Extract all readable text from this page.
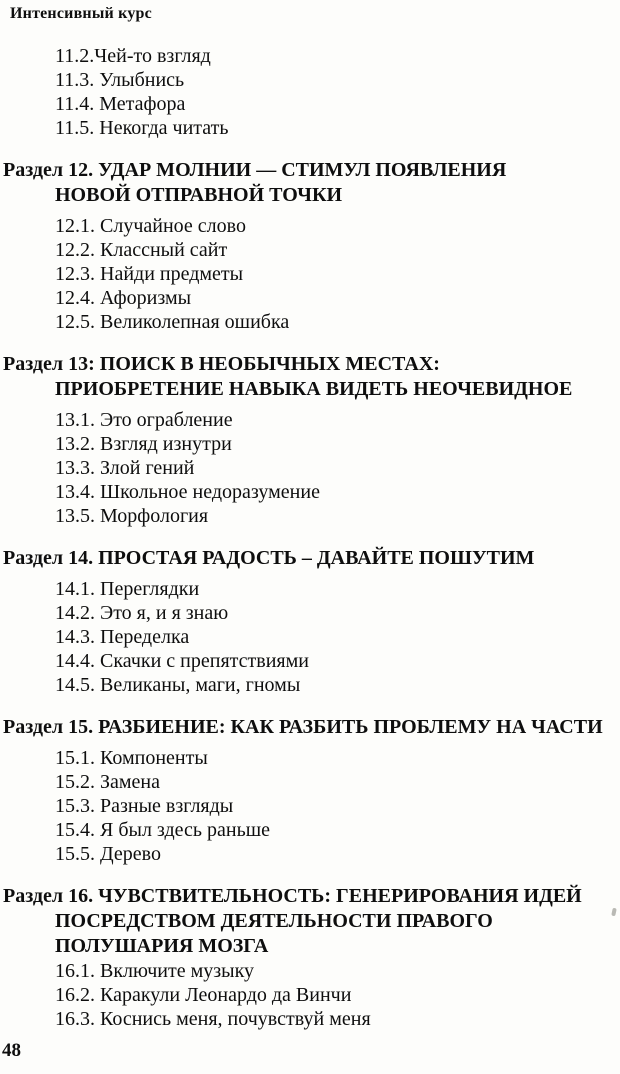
Интенсивный курс
11.2.Чей-то взгляд
11.3. Улыбнись
11.4. Метафора
11.5. Некогда читать
Раздел 12. УДАР МОЛНИИ — СТИМУЛ ПОЯВЛЕНИЯ
НОВОЙ ОТПРАВНОЙ ТОЧКИ
12.1. Случайное слово
12.2. Классный сайт
12.3. Найди предметы
12.4. Афоризмы
12.5. Великолепная ошибка
Раздел 13: ПОИСК В НЕОБЫЧНЫХ МЕСТАХ:
ПРИОБРЕТЕНИЕ НАВЫКА ВИДЕТЬ НЕОЧЕВИДНОЕ
13.1. Это ограбление
13.2. Взгляд изнутри
13.3. Злой гений
13.4. Школьное недоразумение
13.5. Морфология
Раздел 14. ПРОСТАЯ РАДОСТЬ – ДАВАЙТЕ ПОШУТИМ
14.1. Переглядки
14.2. Это я, и я знаю
14.3. Переделка
14.4. Скачки с препятствиями
14.5. Великаны, маги, гномы
Раздел 15. РАЗБИЕНИЕ: КАК РАЗБИТЬ ПРОБЛЕМУ НА ЧАСТИ
15.1. Компоненты
15.2. Замена
15.3. Разные взгляды
15.4. Я был здесь раньше
15.5. Дерево
Раздел 16. ЧУВСТВИТЕЛЬНОСТЬ: ГЕНЕРИРОВАНИЯ ИДЕЙ
ПОСРЕДСТВОМ ДЕЯТЕЛЬНОСТИ ПРАВОГО
ПОЛУШАРИЯ МОЗГА
16.1. Включите музыку
16.2. Каракули Леонардо да Винчи
16.3. Коснись меня, почувствуй меня
48
